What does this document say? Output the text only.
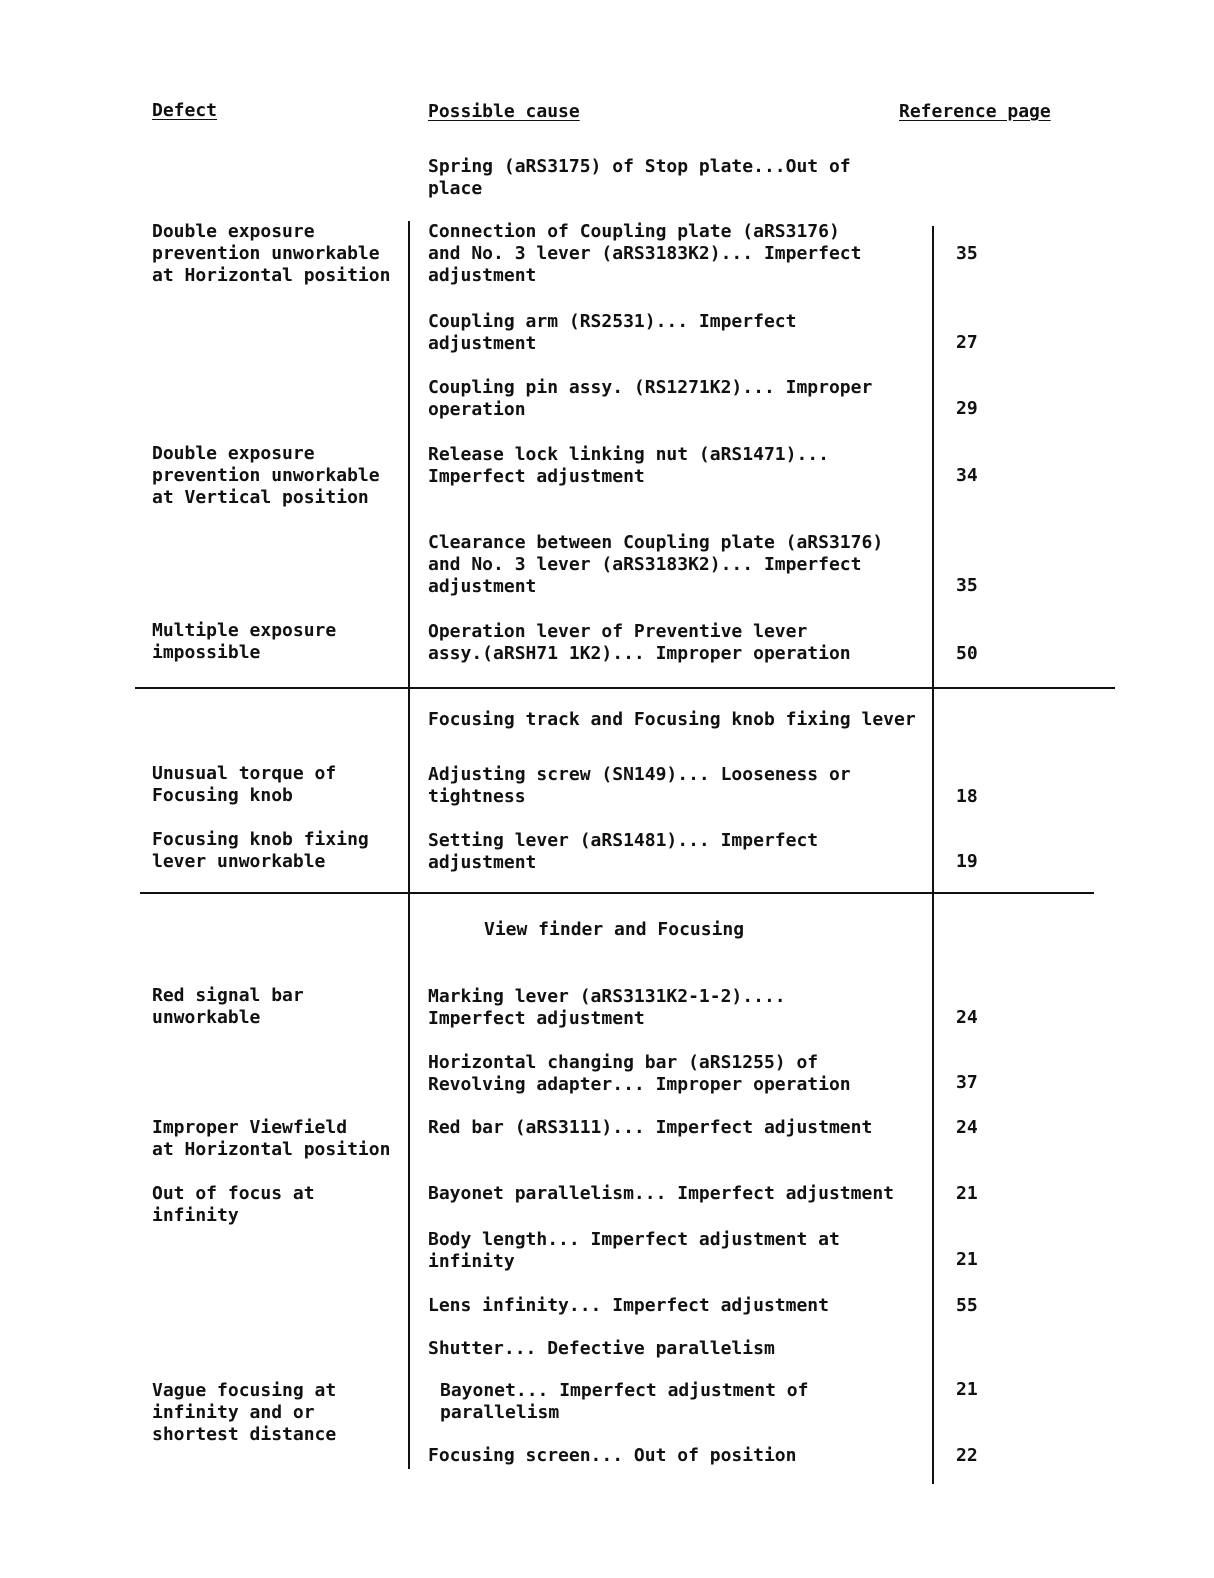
Defect	Possible cause	Reference page
Spring (aRS3175) of Stop plate...Out of
place
Double exposure
prevention unworkable
at Horizontal position
Double exposure
prevention unworkable
at Vertical position
Multiple exposure
impossible
Connection of Coupling plate (aRS3176)
and No. 3 lever (aRS3183K2)... Imperfect
adjustment
Coupling arm (RS2531)... Imperfect
adjustment
Coupling pin assy. (RS1271K2)... Improper
operation
Release lock linking nut (aRS1471)...
Imperfect adjustment
Clearance between Coupling plate (aRS3176)
and No. 3 lever (aRS3183K2)... Imperfect
adjustment
Operation lever of Preventive lever
assy.(aRSH71 1K2)... Improper operation
35
27
29
34
35
50
Focusing track and Focusing knob fixing lever
Unusual torque of
Focusing knob
Focusing knob fixing
lever unworkable
Adjusting screw (SN149)... Looseness or
tightness
Setting lever (aRS1481)... Imperfect
adjustment
18
19
View finder and Focusing
Red signal bar
unworkable
Improper Viewfield
at Horizontal position
Out of focus at
infinity
Vague focusing at
infinity and or
shortest distance
Marking lever (aRS3131K2-1-2)....
Imperfect adjustment
Horizontal changing bar (aRS1255) of
Revolving adapter... Improper operation
Red bar (aRS3111)... Imperfect adjustment
Bayonet parallelism... Imperfect adjustment
Body length... Imperfect adjustment at
infinity
Lens infinity... Imperfect adjustment
Shutter... Defective parallelism
Bayonet... Imperfect adjustment of
parallelism
Focusing screen... Out of position
24
37
24
21
21
55
21
22
